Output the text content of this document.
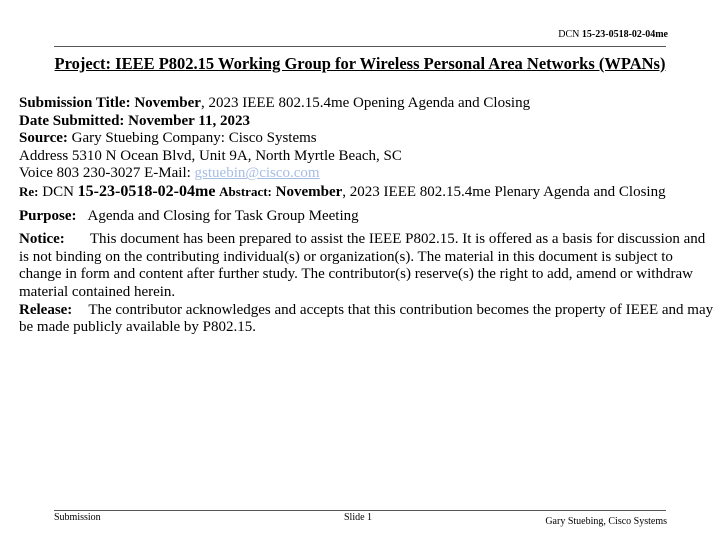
DCN 15-23-0518-02-04me
Project: IEEE P802.15 Working Group for Wireless Personal Area Networks (WPANs)

Submission Title: November, 2023 IEEE 802.15.4me Opening Agenda and Closing

Date Submitted: November 11, 2023

Source: Gary Stuebing Company: Cisco Systems

Address 5310 N Ocean Blvd, Unit 9A, North Myrtle Beach, SC

Voice 803 230-3027 E-Mail: gstuebin@cisco.com

Re: DCN 15-23-0518-02-04me Abstract: November, 2023 IEEE 802.15.4me Plenary Agenda and Closing

Purpose: Agenda and Closing for Task Group Meeting

Notice: This document has been prepared to assist the IEEE P802.15. It is offered as a basis for discussion and is not binding on the contributing individual(s) or organization(s). The material in this document is subject to change in form and content after further study. The contributor(s) reserve(s) the right to add, amend or withdraw material contained herein.

Release: The contributor acknowledges and accepts that this contribution becomes the property of IEEE and may be made publicly available by P802.15.

Submission	Slide 1	Gary Stuebing, Cisco Systems
